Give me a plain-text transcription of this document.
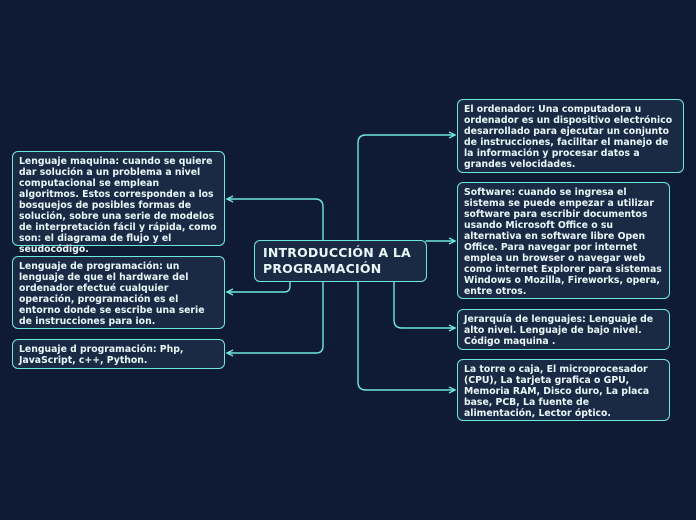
INTRODUCCIÓN A LA PROGRAMACIÓN
Lenguaje maquina: cuando se quiere dar solución a un problema a nivel computacional se emplean algoritmos. Estos corresponden a los bosquejos de posibles formas de solución, sobre una serie de modelos de interpretación fácil y rápida, como son: el diagrama de flujo y el seudocódigo.
Lenguaje de programación: un lenguaje de que el hardware del ordenador efectué cualquier operación, programación es el entorno donde se escribe una serie de instrucciones para ion.
Lenguaje d programación: Php, JavaScript, c++, Python.
El ordenador: Una computadora u ordenador es un dispositivo electrónico desarrollado para ejecutar un conjunto de instrucciones, facilitar el manejo de la información y procesar datos a grandes velocidades.
Software: cuando se ingresa el sistema se puede empezar a utilizar software para escribir documentos usando Microsoft Office o su alternativa en software libre Open Office. Para navegar por internet emplea un browser o navegar web como internet Explorer para sistemas Windows o Mozilla, Fireworks, opera, entre otros.
Jerarquía de lenguajes: Lenguaje de alto nivel. Lenguaje de bajo nivel. Código maquina .
La torre o caja, El microprocesador (CPU), La tarjeta grafica o GPU, Memoria RAM, Disco duro, La placa base, PCB, La fuente de alimentación, Lector óptico.
